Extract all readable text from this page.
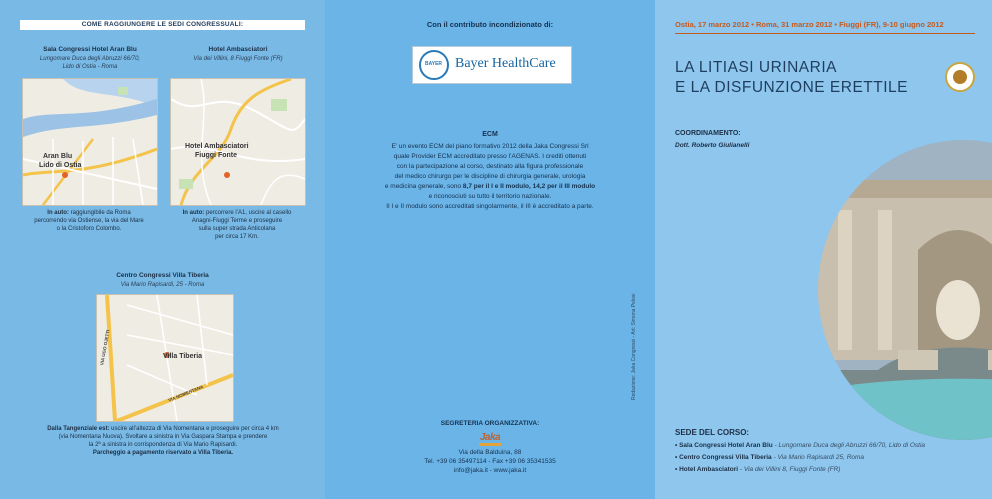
COME RAGGIUNGERE LE SEDI CONGRESSUALI:
Sala Congressi Hotel Aran Blu
Lungomare Duca degli Abruzzi 66/70,
Lido di Ostia - Roma
Hotel Ambasciatori
Via dei Villini, 8 Fiuggi Fonte (FR)
Aran Blu
Lido di Ostia
Hotel Ambasciatori
Fiuggi Fonte
In auto: raggiungibile da Roma
percorrendo via Ostiense, la via del Mare
o la Cristoforo Colombo.
In auto: percorrere l’A1, uscire al casello
Anagni-Fiuggi Terme e proseguire
sulla super strada Anticolana
per circa 17 Km.
Centro Congressi Villa Tiberia
Via Mario Rapisardi, 25 - Roma
Villa Tiberia
VIA UGO OJETTI
VIA NOMENTANA
Dalla Tangenziale est: uscire all’altezza di Via Nomentana e proseguire per circa 4 km
(via Nomentana Nuova). Svoltare a sinistra in Via Gaspara Stampa e prendere
la 2ª a sinistra in corrispondenza di Via Mario Rapisardi.
Parcheggio a pagamento riservato a Villa Tiberia.
Con il contributo incondizionato di:
BAYER Bayer HealthCare
ECM
E’ un evento ECM del piano formativo 2012 della Jaka Congressi Srl
quale Provider ECM accreditato presso l’AGENAS. I crediti ottenuti
con la partecipazione al corso, destinato alla figura professionale
del medico chirurgo per le discipline di chirurgia generale, urologia
e medicina generale, sono 8,7 per il I e II modulo, 14,2 per il III modulo
e riconosciuti su tutto il territorio nazionale.
Il I e II modulo sono accreditati singolarmente, il III è accreditato a parte.
Redazione: Jaka Congressi - Art: Simona Pelosi
SEGRETERIA ORGANIZZATIVA:
Jaka
Via della Balduina, 88
Tel. +39 06 35497114 - Fax +39 06 35341535
info@jaka.it - www.jaka.it
Ostia, 17 marzo 2012 • Roma, 31 marzo 2012 • Fiuggi (FR), 9-10 giugno 2012
LA LITIASI URINARIA
E LA DISFUNZIONE ERETTILE
COORDINAMENTO:
Dott. Roberto Giulianelli
SEDE DEL CORSO:
• Sala Congressi Hotel Aran Blu - Lungomare Duca degli Abruzzi 66/70, Lido di Ostia
• Centro Congressi Villa Tiberia - Via Mario Rapisardi 25, Roma
• Hotel Ambasciatori - Via dei Villini 8, Fiuggi Fonte (FR)
